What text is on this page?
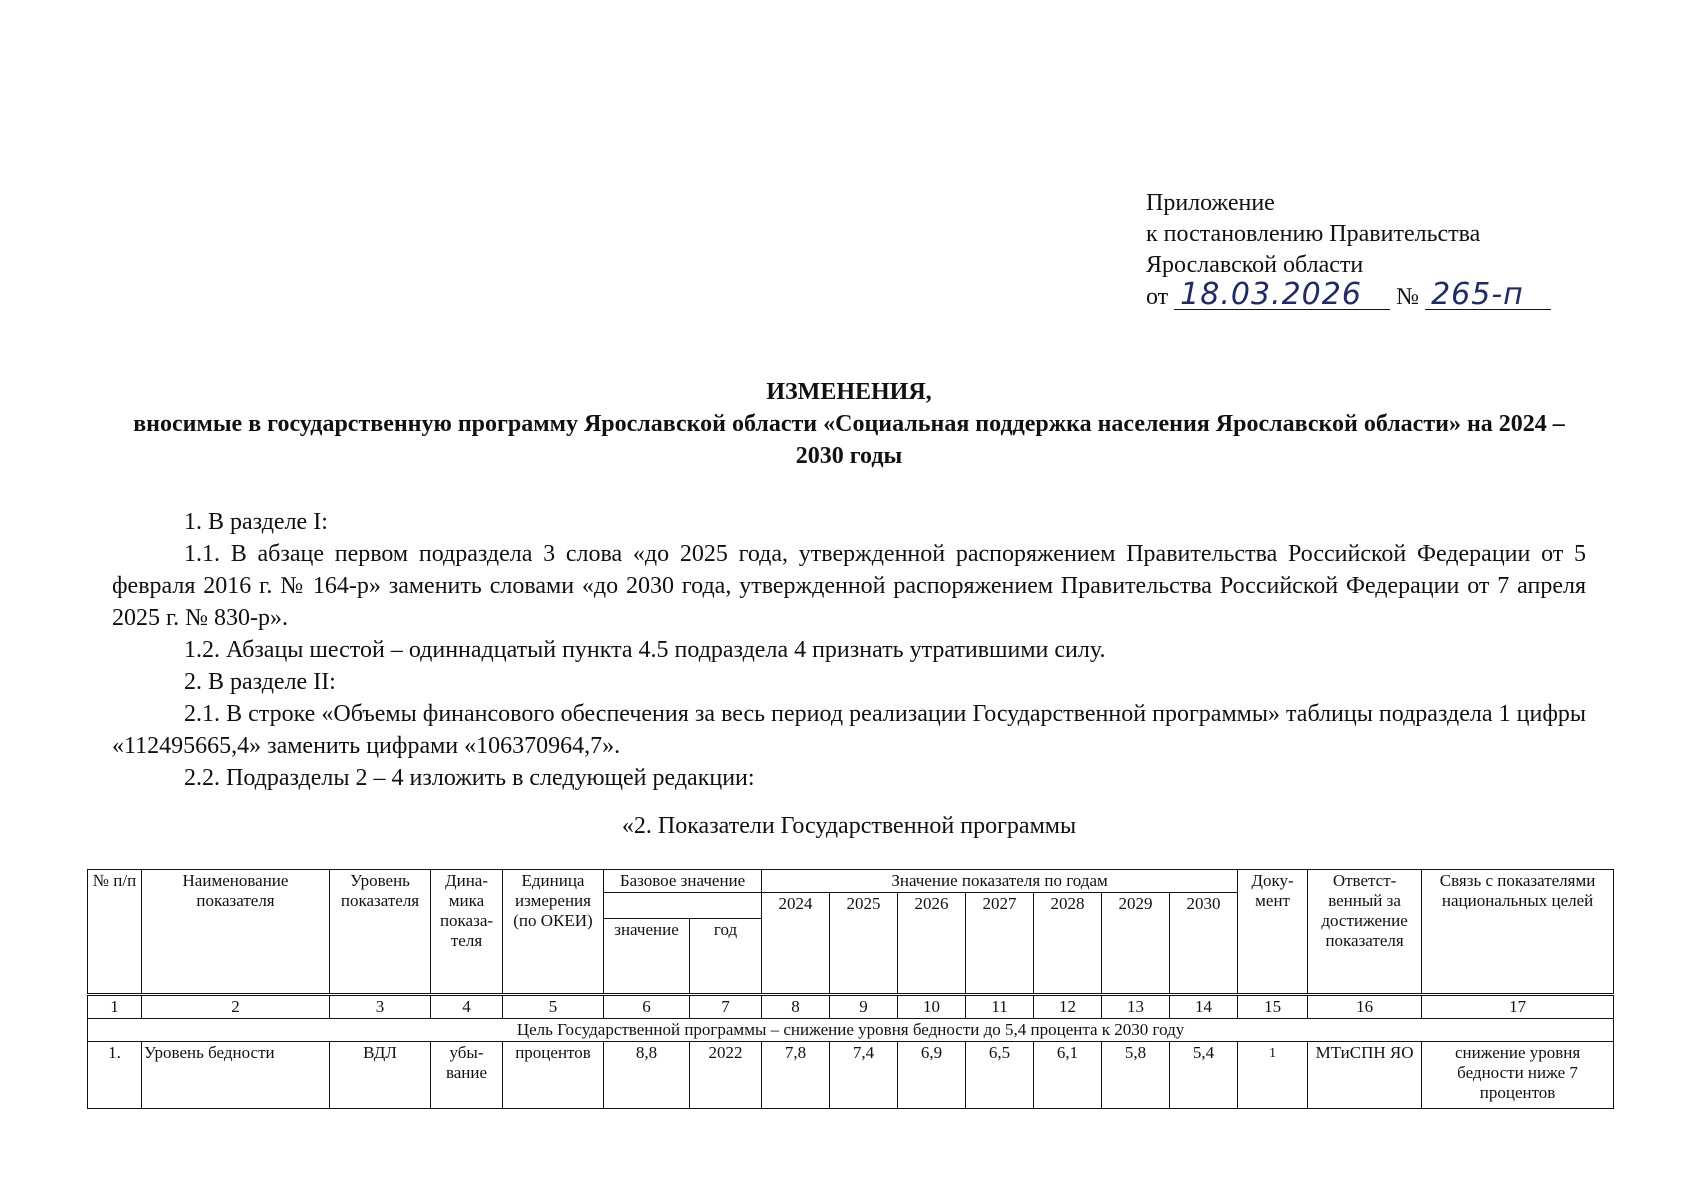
Приложение
к постановлению Правительства
Ярославской области
от 18.03.2026 № 265-п
ИЗМЕНЕНИЯ,
вносимые в государственную программу Ярославской области «Социальная поддержка населения Ярославской области» на 2024 – 2030 годы

1. В разделе I:

1.1. В абзаце первом подраздела 3 слова «до 2025 года, утвержденной распоряжением Правительства Российской Федерации от 5 февраля 2016 г. № 164-р» заменить словами «до 2030 года, утвержденной распоряжением Правительства Российской Федерации от 7 апреля 2025 г. № 830-р».

1.2. Абзацы шестой – одиннадцатый пункта 4.5 подраздела 4 признать утратившими силу.

2. В разделе II:

2.1. В строке «Объемы финансового обеспечения за весь период реализации Государственной программы» таблицы подраздела 1 цифры «112495665,4» заменить цифрами «106370964,7».

2.2. Подразделы 2 – 4 изложить в следующей редакции:

«2. Показатели Государственной программы
№ п/п	Наименование показателя	Уровень показателя	Дина-мика показа-теля	Единица измерения (по ОКЕИ)	Базовое значение		Значение показателя по годам							Доку-мент	Ответст-венный за достижение показателя	Связь с показателями национальных целей
							2024	2025	2026	2027	2028	2029	2030			
					значение	год										
1	2	3	4	5	6	7	8	9	10	11	12	13	14	15	16	17
Цель Государственной программы – снижение уровня бедности до 5,4 процента к 2030 году																
1.	Уровень бедности	ВДЛ	убы-вание	процентов	8,8	2022	7,8	7,4	6,9	6,5	6,1	5,8	5,4	$^1$	МТиСПН ЯО	снижение уровня бедности ниже 7 процентов
